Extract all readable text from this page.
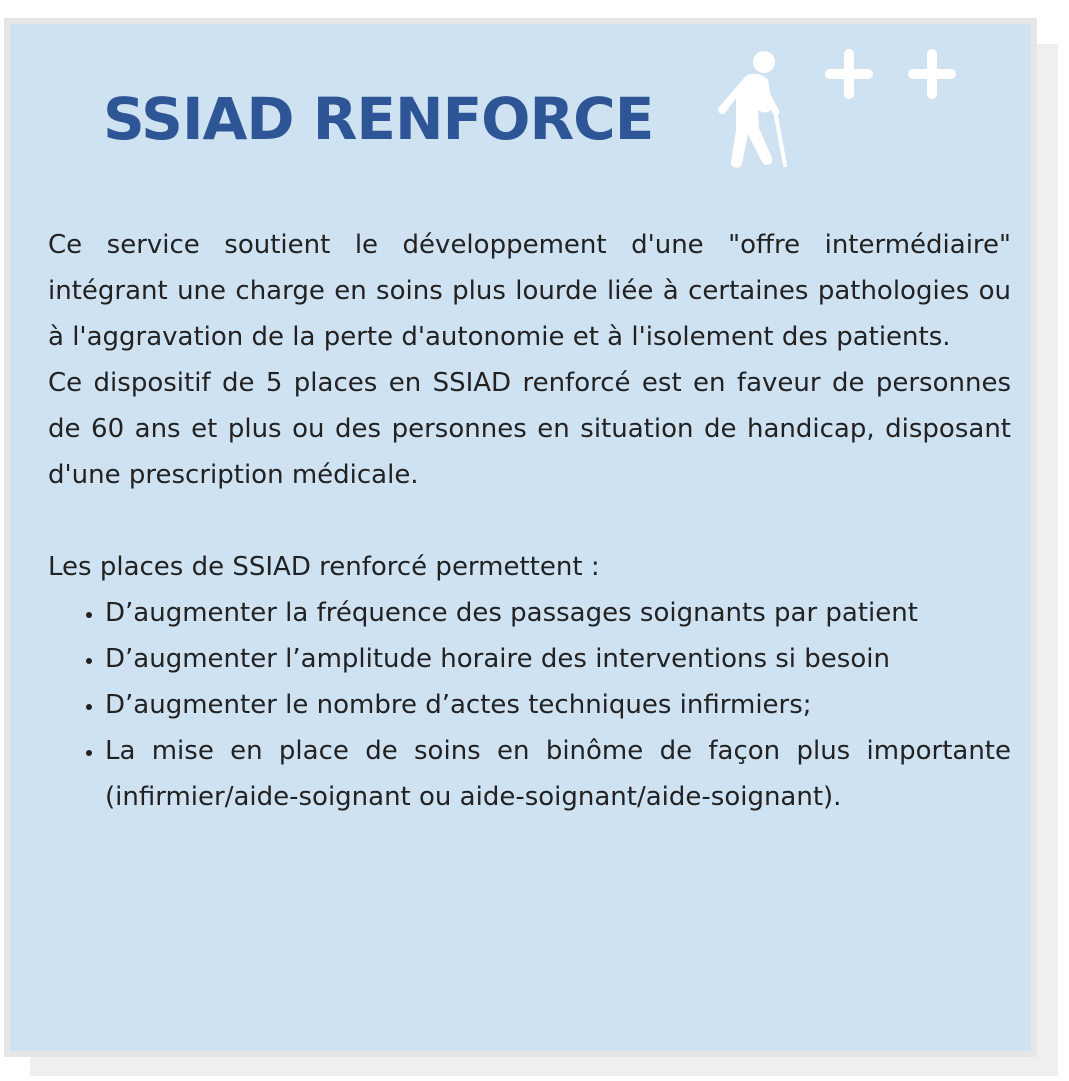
SSIAD RENFORCE

Ce service soutient le développement d'une "offre intermédiaire" intégrant une charge en soins plus lourde liée à certaines pathologies ou à l'aggravation de la perte d'autonomie et à l'isolement des patients.

Ce dispositif de 5 places en SSIAD renforcé est en faveur de personnes de 60 ans et plus ou des personnes en situation de handicap, disposant d'une prescription médicale.

Les places de SSIAD renforcé permettent :

• D’augmenter la fréquence des passages soignants par patient
• D’augmenter l’amplitude horaire des interventions si besoin
• D’augmenter le nombre d’actes techniques infirmiers;
• La mise en place de soins en binôme de façon plus importante (infirmier/aide-soignant ou aide-soignant/aide-soignant).
